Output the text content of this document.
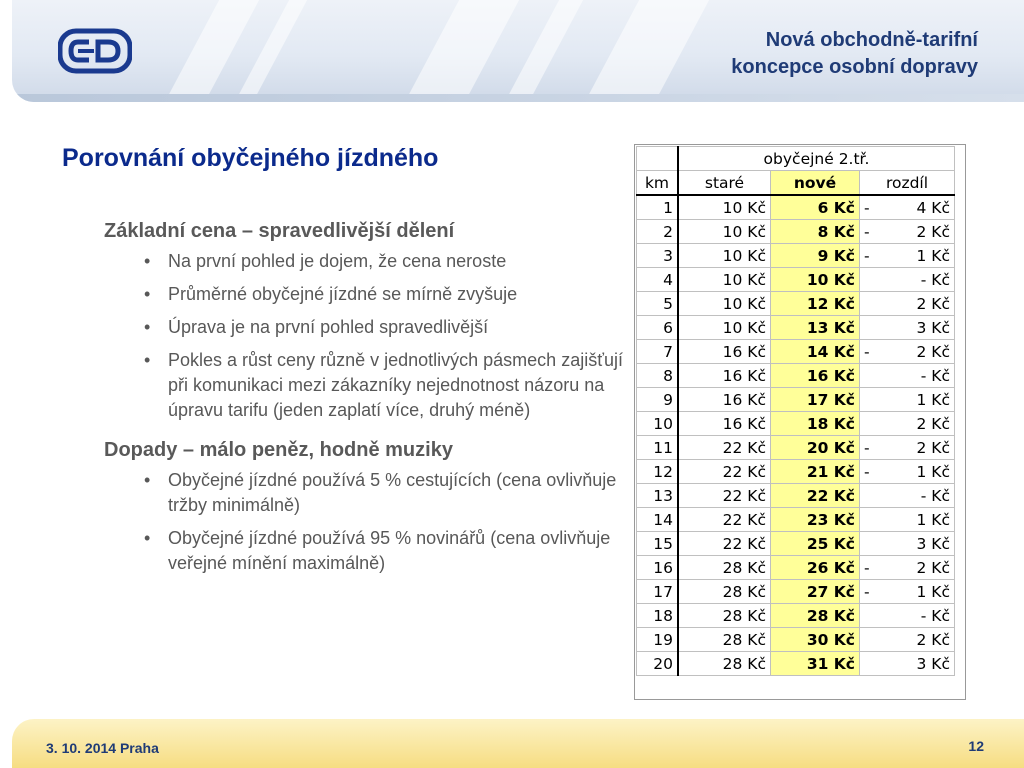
Nová obchodně-tarifní
koncepce osobní dopravy
Porovnání obyčejného jízdného
Základní cena – spravedlivější dělení
• Na první pohled je dojem, že cena neroste
• Průměrné obyčejné jízdné se mírně zvyšuje
• Úprava je na první pohled spravedlivější
• Pokles a růst ceny různě v jednotlivých pásmech zajišťují při komunikaci mezi zákazníky nejednotnost názoru na úpravu tarifu (jeden zaplatí více, druhý méně)
Dopady – málo peněz, hodně muziky
• Obyčejné jízdné používá 5 % cestujících (cena ovlivňuje tržby minimálně)
• Obyčejné jízdné používá 95 % novinářů (cena ovlivňuje veřejné mínění maximálně)
	obyčejné 2.tř.		
km	staré	nové	rozdíl
1	10 Kč	6 Kč	- 4 Kč
2	10 Kč	8 Kč	- 2 Kč
3	10 Kč	9 Kč	- 1 Kč
4	10 Kč	10 Kč	- Kč
5	10 Kč	12 Kč	2 Kč
6	10 Kč	13 Kč	3 Kč
7	16 Kč	14 Kč	- 2 Kč
8	16 Kč	16 Kč	- Kč
9	16 Kč	17 Kč	1 Kč
10	16 Kč	18 Kč	2 Kč
11	22 Kč	20 Kč	- 2 Kč
12	22 Kč	21 Kč	- 1 Kč
13	22 Kč	22 Kč	- Kč
14	22 Kč	23 Kč	1 Kč
15	22 Kč	25 Kč	3 Kč
16	28 Kč	26 Kč	- 2 Kč
17	28 Kč	27 Kč	- 1 Kč
18	28 Kč	28 Kč	- Kč
19	28 Kč	30 Kč	2 Kč
20	28 Kč	31 Kč	3 Kč
3. 10. 2014 Praha	12
